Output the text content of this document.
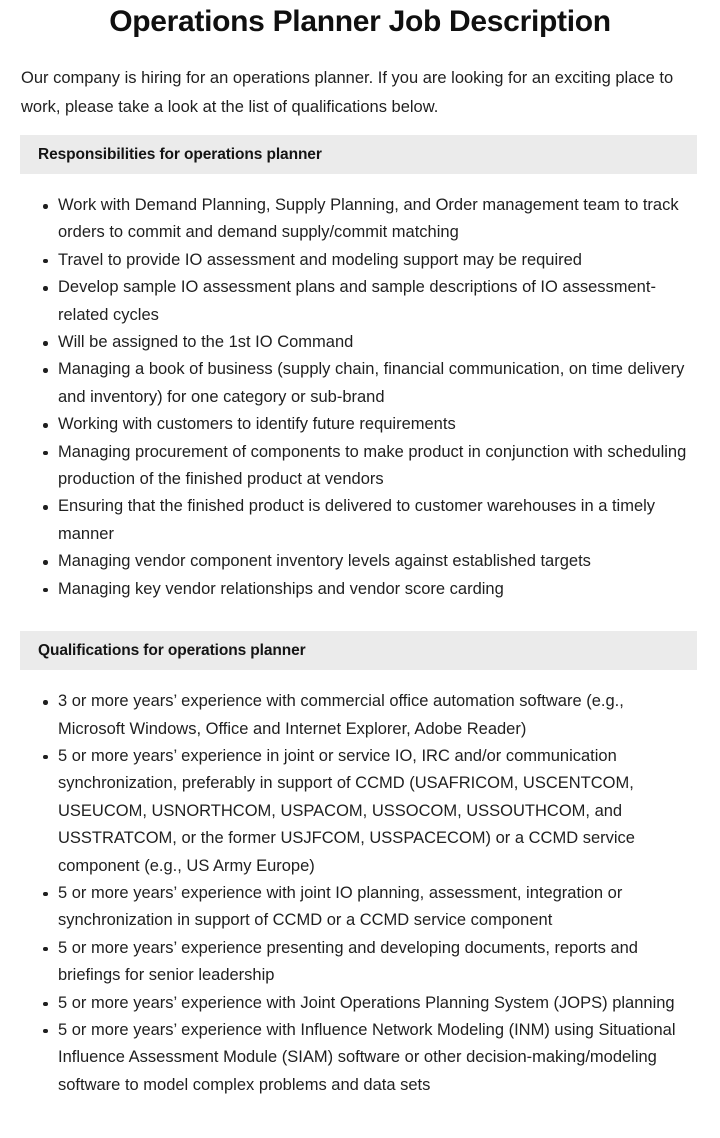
Operations Planner Job Description

Our company is hiring for an operations planner. If you are looking for an exciting place to work, please take a look at the list of qualifications below.

Responsibilities for operations planner
Work with Demand Planning, Supply Planning, and Order management team to track orders to commit and demand supply/commit matching
Travel to provide IO assessment and modeling support may be required
Develop sample IO assessment plans and sample descriptions of IO assessment-related cycles
Will be assigned to the 1st IO Command
Managing a book of business (supply chain, financial communication, on time delivery and inventory) for one category or sub-brand
Working with customers to identify future requirements
Managing procurement of components to make product in conjunction with scheduling production of the finished product at vendors
Ensuring that the finished product is delivered to customer warehouses in a timely manner
Managing vendor component inventory levels against established targets
Managing key vendor relationships and vendor score carding
Qualifications for operations planner
3 or more years’ experience with commercial office automation software (e.g., Microsoft Windows, Office and Internet Explorer, Adobe Reader)
5 or more years’ experience in joint or service IO, IRC and/or communication synchronization, preferably in support of CCMD (USAFRICOM, USCENTCOM, USEUCOM, USNORTHCOM, USPACOM, USSOCOM, USSOUTHCOM, and USSTRATCOM, or the former USJFCOM, USSPACECOM) or a CCMD service component (e.g., US Army Europe)
5 or more years’ experience with joint IO planning, assessment, integration or synchronization in support of CCMD or a CCMD service component
5 or more years’ experience presenting and developing documents, reports and briefings for senior leadership
5 or more years’ experience with Joint Operations Planning System (JOPS) planning
5 or more years’ experience with Influence Network Modeling (INM) using Situational Influence Assessment Module (SIAM) software or other decision-making/modeling software to model complex problems and data sets
